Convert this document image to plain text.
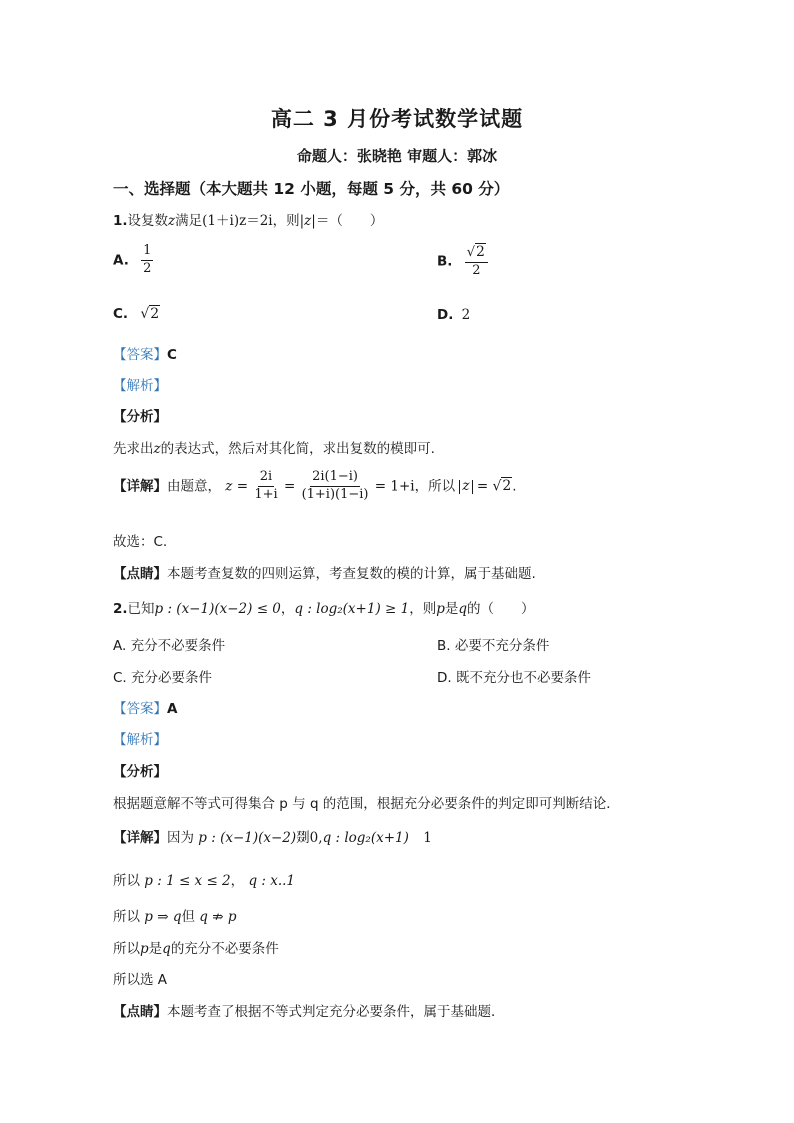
高二 3 月份考试数学试题
命题人：张晓艳 审题人：郭冰
一、选择题（本大题共 12 小题，每题 5 分，共 60 分）
1.设复数z满足(1＋i)z＝2i，则|z|＝（　　）
A. $\frac{1}{2}$	B. $\frac{√2}{2}$
C. √2	D. 2
【答案】C
【解析】
【分析】
先求出z的表达式，然后对其化简，求出复数的模即可.
【详解】由题意， $z = \frac{2i}{1+i} = \frac{2i(1-i)}{(1+i)(1-i)} = 1+i$，所以 z = √2.
故选：C.
【点睛】本题考查复数的四则运算，考查复数的模的计算，属于基础题.
2.已知p : (x−1)(x−2) ≤ 0，q : log₂(x+1) ≥ 1，则p是q的（　　）
A. 充分不必要条件	B. 必要不充分条件
C. 充分必要条件	D. 既不充分也不必要条件
【答案】A
【解析】
【分析】
根据题意解不等式可得集合 p 与 q 的范围，根据充分必要条件的判定即可判断结论．
【详解】因为 p : (x−1)(x−2)剟0,q : log₂(x+1) 1
所以 p : 1 ≤ x ≤ 2， q : x..1
所以 p ⇒ q但 q ⇏ p
所以p是q的充分不必要条件
所以选 A
【点睛】本题考查了根据不等式判定充分必要条件，属于基础题．
